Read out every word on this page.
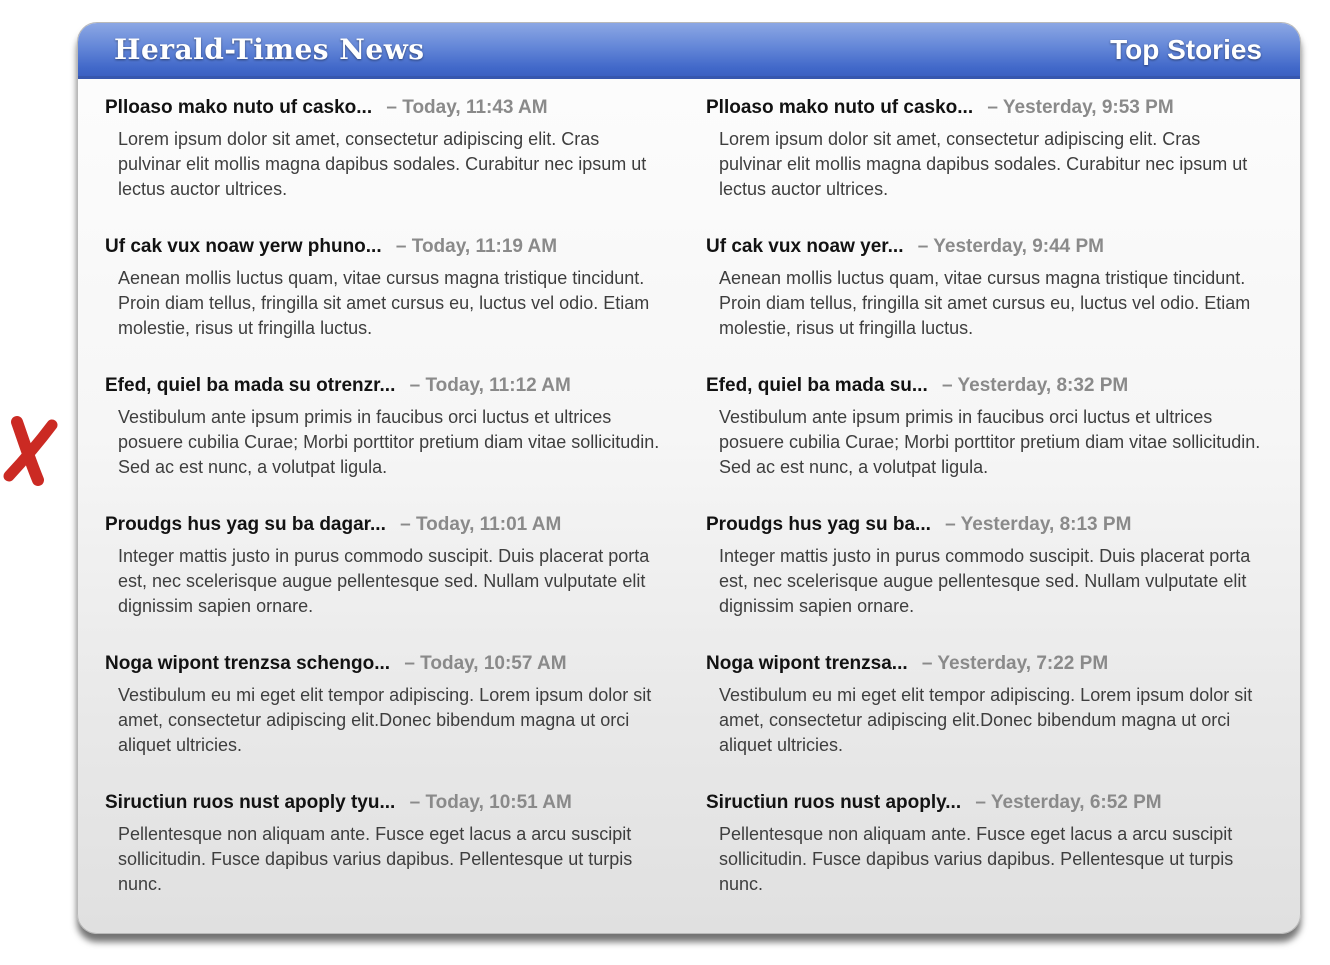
Herald-Times News	Top Stories
Plloaso mako nuto uf casko... – Today, 11:43 AM

Lorem ipsum dolor sit amet, consectetur adipiscing elit. Cras pulvinar elit mollis magna dapibus sodales. Curabitur nec ipsum ut lectus auctor ultrices.

Uf cak vux noaw yerw phuno... – Today, 11:19 AM

Aenean mollis luctus quam, vitae cursus magna tristique tincidunt. Proin diam tellus, fringilla sit amet cursus eu, luctus vel odio. Etiam molestie, risus ut fringilla luctus.

Efed, quiel ba mada su otrenzr... – Today, 11:12 AM

Vestibulum ante ipsum primis in faucibus orci luctus et ultrices posuere cubilia Curae; Morbi porttitor pretium diam vitae sollicitudin. Sed ac est nunc, a volutpat ligula.

Proudgs hus yag su ba dagar... – Today, 11:01 AM

Integer mattis justo in purus commodo suscipit. Duis placerat porta est, nec scelerisque augue pellentesque sed. Nullam vulputate elit dignissim sapien ornare.

Noga wipont trenzsa schengo... – Today, 10:57 AM

Vestibulum eu mi eget elit tempor adipiscing. Lorem ipsum dolor sit amet, consectetur adipiscing elit.Donec bibendum magna ut orci aliquet ultricies.

Siructiun ruos nust apoply tyu... – Today, 10:51 AM

Pellentesque non aliquam ante. Fusce eget lacus a arcu suscipit sollicitudin. Fusce dapibus varius dapibus. Pellentesque ut turpis nunc.

Plloaso mako nuto uf casko... – Yesterday, 9:53 PM

Lorem ipsum dolor sit amet, consectetur adipiscing elit. Cras pulvinar elit mollis magna dapibus sodales. Curabitur nec ipsum ut lectus auctor ultrices.

Uf cak vux noaw yer... – Yesterday, 9:44 PM

Aenean mollis luctus quam, vitae cursus magna tristique tincidunt. Proin diam tellus, fringilla sit amet cursus eu, luctus vel odio. Etiam molestie, risus ut fringilla luctus.

Efed, quiel ba mada su... – Yesterday, 8:32 PM

Vestibulum ante ipsum primis in faucibus orci luctus et ultrices posuere cubilia Curae; Morbi porttitor pretium diam vitae sollicitudin. Sed ac est nunc, a volutpat ligula.

Proudgs hus yag su ba... – Yesterday, 8:13 PM

Integer mattis justo in purus commodo suscipit. Duis placerat porta est, nec scelerisque augue pellentesque sed. Nullam vulputate elit dignissim sapien ornare.

Noga wipont trenzsa... – Yesterday, 7:22 PM

Vestibulum eu mi eget elit tempor adipiscing. Lorem ipsum dolor sit amet, consectetur adipiscing elit.Donec bibendum magna ut orci aliquet ultricies.

Siructiun ruos nust apoply... – Yesterday, 6:52 PM

Pellentesque non aliquam ante. Fusce eget lacus a arcu suscipit sollicitudin. Fusce dapibus varius dapibus. Pellentesque ut turpis nunc.
